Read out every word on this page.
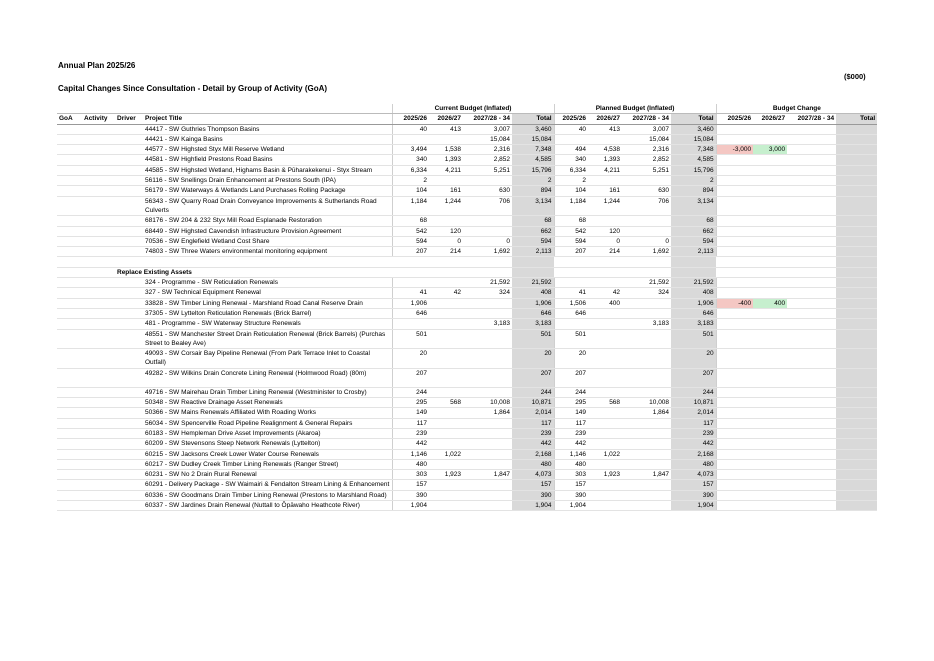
Annual Plan 2025/26
($000)
Capital Changes Since Consultation - Detail by Group of Activity (GoA)
				Current Budget (Inflated)				Planned Budget (Inflated)				Budget Change			
GoA	Activity	Driver	Project Title	2025/26	2026/27	2027/28 - 34	Total	2025/26	2026/27	2027/28 - 34	Total	2025/26	2026/27	2027/28 - 34	Total
			44417 - SW Guthries Thompson Basins	40	413	3,007	3,460	40	413	3,007	3,460				
			44421 - SW Kainga Basins			15,084	15,084			15,084	15,084				
			44577 - SW Highsted Styx Mill Reserve Wetland	3,494	1,538	2,316	7,348	494	4,538	2,316	7,348	-3,000	3,000		
			44581 - SW Highfield Prestons Road Basins	340	1,393	2,852	4,585	340	1,393	2,852	4,585				
			44585 - SW Highsted Wetland, Highams Basin & Pūharakekenui - Styx Stream	6,334	4,211	5,251	15,796	6,334	4,211	5,251	15,796				
			56116 - SW Snellings Drain Enhancement at Prestons South (IPA)	2			2	2			2				
			56179 - SW Waterways & Wetlands Land Purchases Rolling Package	104	161	630	894	104	161	630	894				
			56343 - SW Quarry Road Drain Conveyance Improvements & Sutherlands Road Culverts	1,184	1,244	706	3,134	1,184	1,244	706	3,134				
			68176 - SW 204 & 232 Styx Mill Road Esplanade Restoration	68			68	68			68				
			68449 - SW Highsted Cavendish Infrastructure Provision Agreement	542	120		662	542	120		662				
			70536 - SW Englefield Wetland Cost Share	594	0	0	594	594	0	0	594				
			74803 - SW Three Waters environmental monitoring equipment	207	214	1,692	2,113	207	214	1,692	2,113				

		Replace Existing Assets													
			324 - Programme - SW Reticulation Renewals			21,592	21,592			21,592	21,592				
			327 - SW Technical Equipment Renewal	41	42	324	408	41	42	324	408				
			33828 - SW Timber Lining Renewal - Marshland Road Canal Reserve Drain	1,906			1,906	1,506	400		1,906	-400	400		
			37305 - SW Lyttelton Reticulation Renewals (Brick Barrel)	646			646	646			646				
			481 - Programme - SW Waterway Structure Renewals			3,183	3,183			3,183	3,183				
			48551 - SW Manchester Street Drain Reticulation Renewal (Brick Barrels) (Purchas Street to Bealey Ave)	501			501	501			501				
			49093 - SW Corsair Bay Pipeline Renewal (From Park Terrace Inlet to Coastal Outfall)	20			20	20			20				
			49282 - SW Wilkins Drain Concrete Lining Renewal (Holmwood Road) (80m)	207			207	207			207				
			49716 - SW Mairehau Drain Timber Lining Renewal (Westminister to Crosby)	244			244	244			244				
			50348 - SW Reactive Drainage Asset Renewals	295	568	10,008	10,871	295	568	10,008	10,871				
			50366 - SW Mains Renewals Affiliated With Roading Works	149		1,864	2,014	149		1,864	2,014				
			56034 - SW Spencerville Road Pipeline Realignment & General Repairs	117			117	117			117				
			60183 - SW Hempleman Drive Asset Improvements (Akaroa)	239			239	239			239				
			60209 - SW Stevensons Steep Network Renewals (Lyttelton)	442			442	442			442				
			60215 - SW Jacksons Creek Lower Water Course Renewals	1,146	1,022		2,168	1,146	1,022		2,168				
			60217 - SW Dudley Creek Timber Lining Renewals (Ranger Street)	480			480	480			480				
			60231 - SW No 2 Drain Rural Renewal	303	1,923	1,847	4,073	303	1,923	1,847	4,073				
			60291 - Delivery Package - SW Waimairi & Fendalton Stream Lining & Enhancement	157			157	157			157				
			60336 - SW Goodmans Drain Timber Lining Renewal (Prestons to Marshland Road)	390			390	390			390				
			60337 - SW Jardines Drain Renewal (Nuttall to Ōpāwaho Heathcote River)	1,904			1,904	1,904			1,904				
